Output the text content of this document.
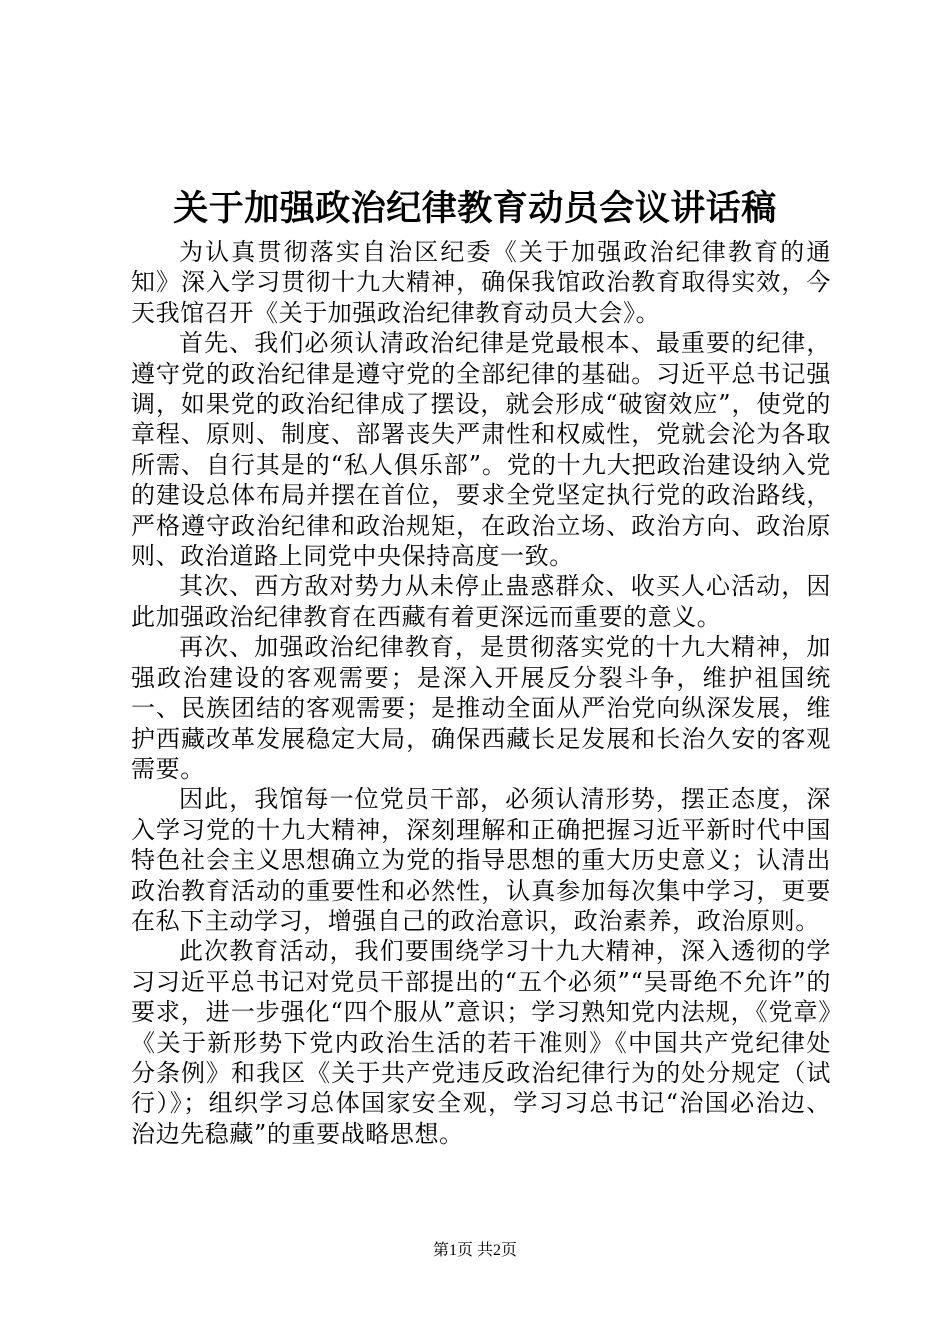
关于加强政治纪律教育动员会议讲话稿

为认真贯彻落实自治区纪委《关于加强政治纪律教育的通知》深入学习贯彻十九大精神，确保我馆政治教育取得实效，今天我馆召开《关于加强政治纪律教育动员大会》。

首先、我们必须认清政治纪律是党最根本、最重要的纪律，遵守党的政治纪律是遵守党的全部纪律的基础。习近平总书记强调，如果党的政治纪律成了摆设，就会形成“破窗效应”，使党的章程、原则、制度、部署丧失严肃性和权威性，党就会沦为各取所需、自行其是的“私人俱乐部”。党的十九大把政治建设纳入党的建设总体布局并摆在首位，要求全党坚定执行党的政治路线，严格遵守政治纪律和政治规矩，在政治立场、政治方向、政治原则、政治道路上同党中央保持高度一致。

其次、西方敌对势力从未停止蛊惑群众、收买人心活动，因此加强政治纪律教育在西藏有着更深远而重要的意义。

再次、加强政治纪律教育，是贯彻落实党的十九大精神，加强政治建设的客观需要；是深入开展反分裂斗争，维护祖国统一、民族团结的客观需要；是推动全面从严治党向纵深发展，维护西藏改革发展稳定大局，确保西藏长足发展和长治久安的客观需要。

因此，我馆每一位党员干部，必须认清形势，摆正态度，深入学习党的十九大精神，深刻理解和正确把握习近平新时代中国特色社会主义思想确立为党的指导思想的重大历史意义；认清出政治教育活动的重要性和必然性，认真参加每次集中学习，更要在私下主动学习，增强自己的政治意识，政治素养，政治原则。

此次教育活动，我们要围绕学习十九大精神，深入透彻的学习习近平总书记对党员干部提出的“五个必须”“吴哥绝不允许”的要求，进一步强化“四个服从”意识；学习熟知党内法规，《党章》《关于新形势下党内政治生活的若干准则》《中国共产党纪律处分条例》和我区《关于共产党违反政治纪律行为的处分规定（试行）》；组织学习总体国家安全观，学习习总书记“治国必治边、治边先稳藏”的重要战略思想。

第1页 共2页
